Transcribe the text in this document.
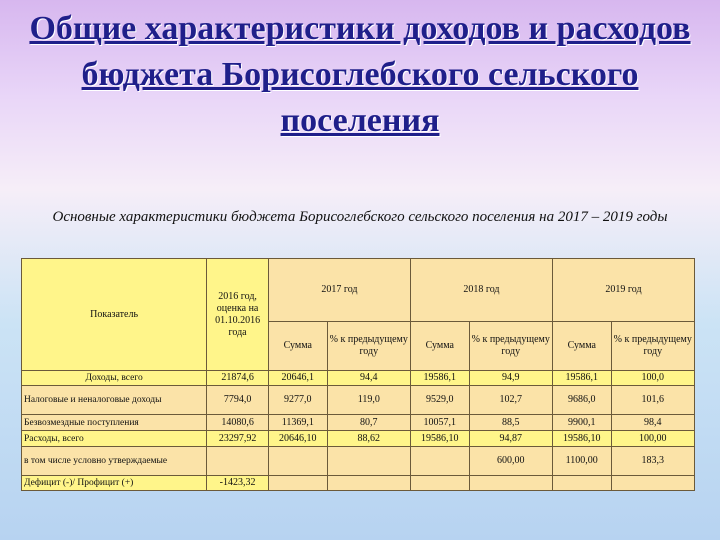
Общие характеристики доходов и расходов бюджета Борисоглебского сельского поселения
Основные характеристики бюджета Борисоглебского сельского поселения на 2017 – 2019 годы
Показатель	2016 год, оценка на 01.10.2016 года	2017 год		2018 год		2019 год	
		Сумма	% к предыдущему году	Сумма	% к предыдущему году	Сумма	% к предыдущему году
Доходы, всего	21874,6	20646,1	94,4	19586,1	94,9	19586,1	100,0
Налоговые и неналоговые доходы	7794,0	9277,0	119,0	9529,0	102,7	9686,0	101,6
Безвозмездные поступления	14080,6	11369,1	80,7	10057,1	88,5	9900,1	98,4
Расходы, всего	23297,92	20646,10	88,62	19586,10	94,87	19586,10	100,00
в том числе условно утверждаемые					600,00	1100,00	183,3
Дефицит (-)/ Профицит (+)	-1423,32						
